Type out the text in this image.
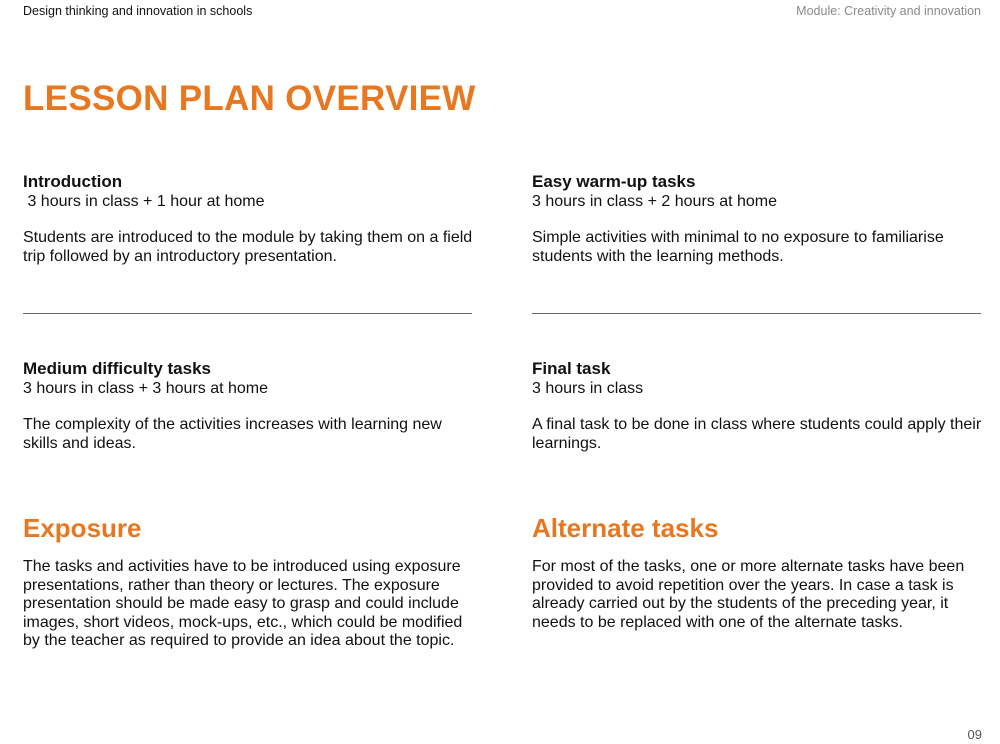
Design thinking and innovation in schools	Module: Creativity and innovation
LESSON PLAN OVERVIEW

Introduction

3 hours in class + 1 hour at home

Students are introduced to the module by taking them on a field trip followed by an introductory presentation.

Easy warm-up tasks

3 hours in class + 2 hours at home

Simple activities with minimal to no exposure to familiarise students with the learning methods.

Medium difficulty tasks

3 hours in class + 3 hours at home

The complexity of the activities increases with learning new skills and ideas.

Final task

3 hours in class

A final task to be done in class where students could apply their learnings.

Exposure

The tasks and activities have to be introduced using exposure presentations, rather than theory or lectures. The exposure presentation should be made easy to grasp and could include images, short videos, mock-ups, etc., which could be modified by the teacher as required to provide an idea about the topic.

Alternate tasks

For most of the tasks, one or more alternate tasks have been provided to avoid repetition over the years. In case a task is already carried out by the students of the preceding year, it needs to be replaced with one of the alternate tasks.

09
